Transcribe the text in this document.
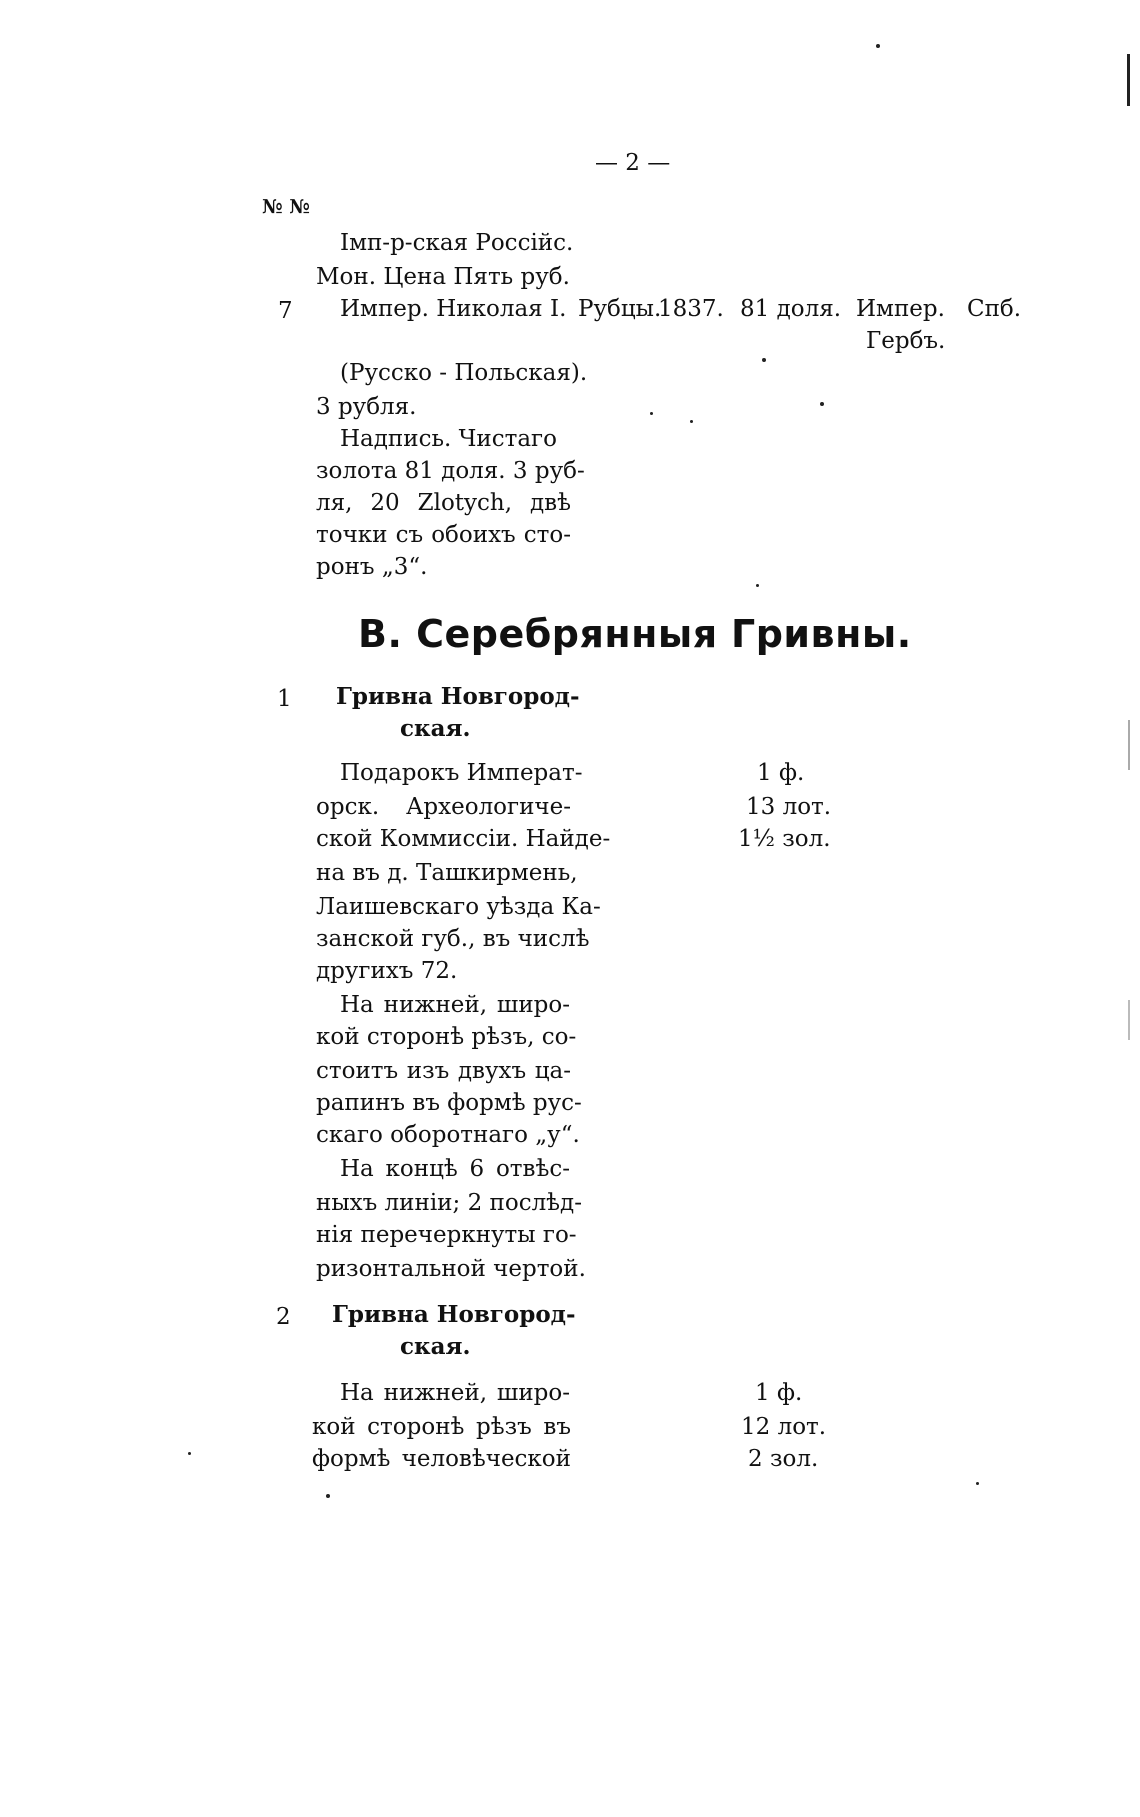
— 2 —
№ №
Імп-р-ская Россійс.
Мон. Цена Пять руб.
7 Импер. Николая I. Рубцы.
1837. 81 доля. Импер.
Гербъ.
Спб.
(Русско - Польская).
3 рубля.
Надпись. Чистаго
золота 81 доля. 3 руб-
ля, 20 Zlotych, двѣ
точки съ обоихъ сто-
ронъ „3“.
В. Серебрянныя Гривны.
1 Гривна Новгород-
ская.
Подарокъ Императ-
орск. Археологиче-
ской Коммиссіи. Найде-
на въ д. Ташкирмень,
Лаишевскаго уѣзда Ка-
занской губ., въ числѣ
другихъ 72.
На нижней, широ-
кой сторонѣ рѣзъ, со-
стоитъ изъ двухъ ца-
рапинъ въ формѣ рус-
скаго оборотнаго „у“.
На концѣ 6 отвѣс-
ныхъ линіи; 2 послѣд-
нія перечеркнуты го-
ризонтальной чертой.
1 ф.
13 лот.
1½ зол.
2 Гривна Новгород-
ская.
На нижней, широ-
кой сторонѣ рѣзъ въ
формѣ человѣческой
1 ф.
12 лот.
2 зол.
